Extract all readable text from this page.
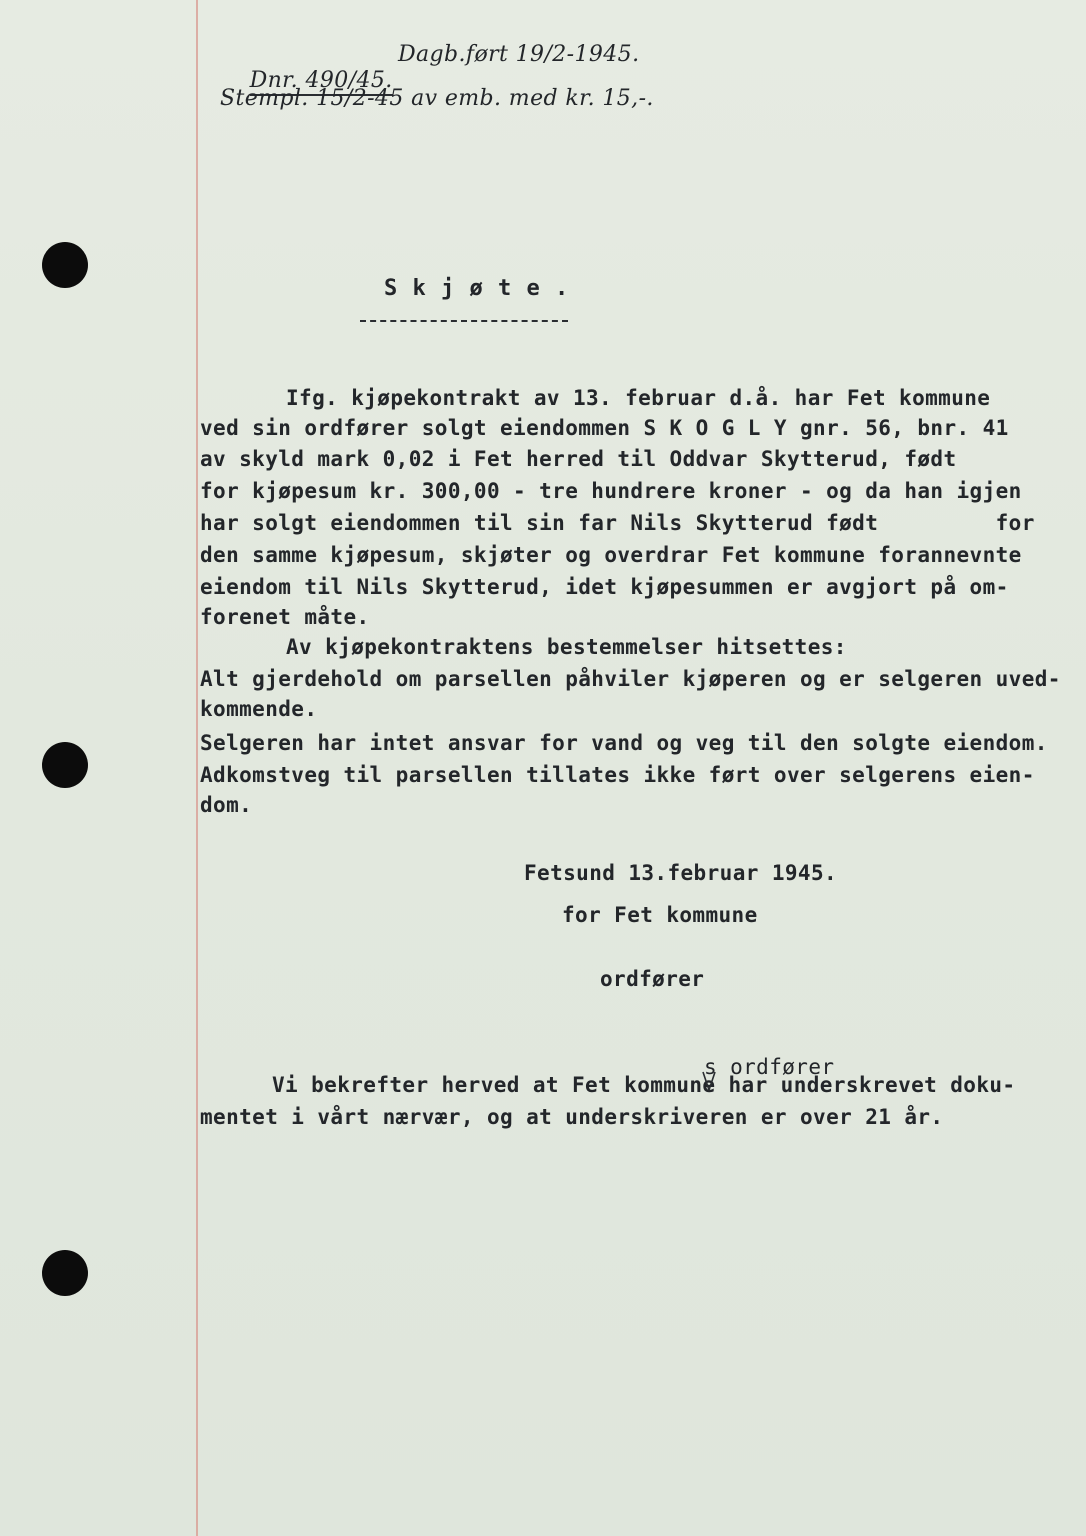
Dnr. 490/45.

Dagb.ført 19/2-1945.
Stempl. 15/2-45 av emb. med kr. 15,-.
S k j ø t e .
Ifg. kjøpekontrakt av 13. februar d.å. har Fet kommune
ved sin ordfører solgt eiendommen S K O G L Y gnr. 56, bnr. 41
av skyld mark 0,02 i Fet herred til Oddvar Skytterud, født
for kjøpesum kr. 300,00 - tre hundrere kroner - og da han igjen
har solgt eiendommen til sin far Nils Skytterud født         for
den samme kjøpesum, skjøter og overdrar Fet kommune forannevnte
eiendom til Nils Skytterud, idet kjøpesummen er avgjort på om-
forenet måte.
Av kjøpekontraktens bestemmelser hitsettes:
Alt gjerdehold om parsellen påhviler kjøperen og er selgeren uved-
kommende.
Selgeren har intet ansvar for vand og veg til den solgte eiendom.
Adkomstveg til parsellen tillates ikke ført over selgerens eien-
dom.
Fetsund 13.februar 1945.
for Fet kommune
ordfører
s ordfører
Vi bekrefter herved at Fet kommune har underskrevet doku-
mentet i vårt nærvær, og at underskriveren er over 21 år.
